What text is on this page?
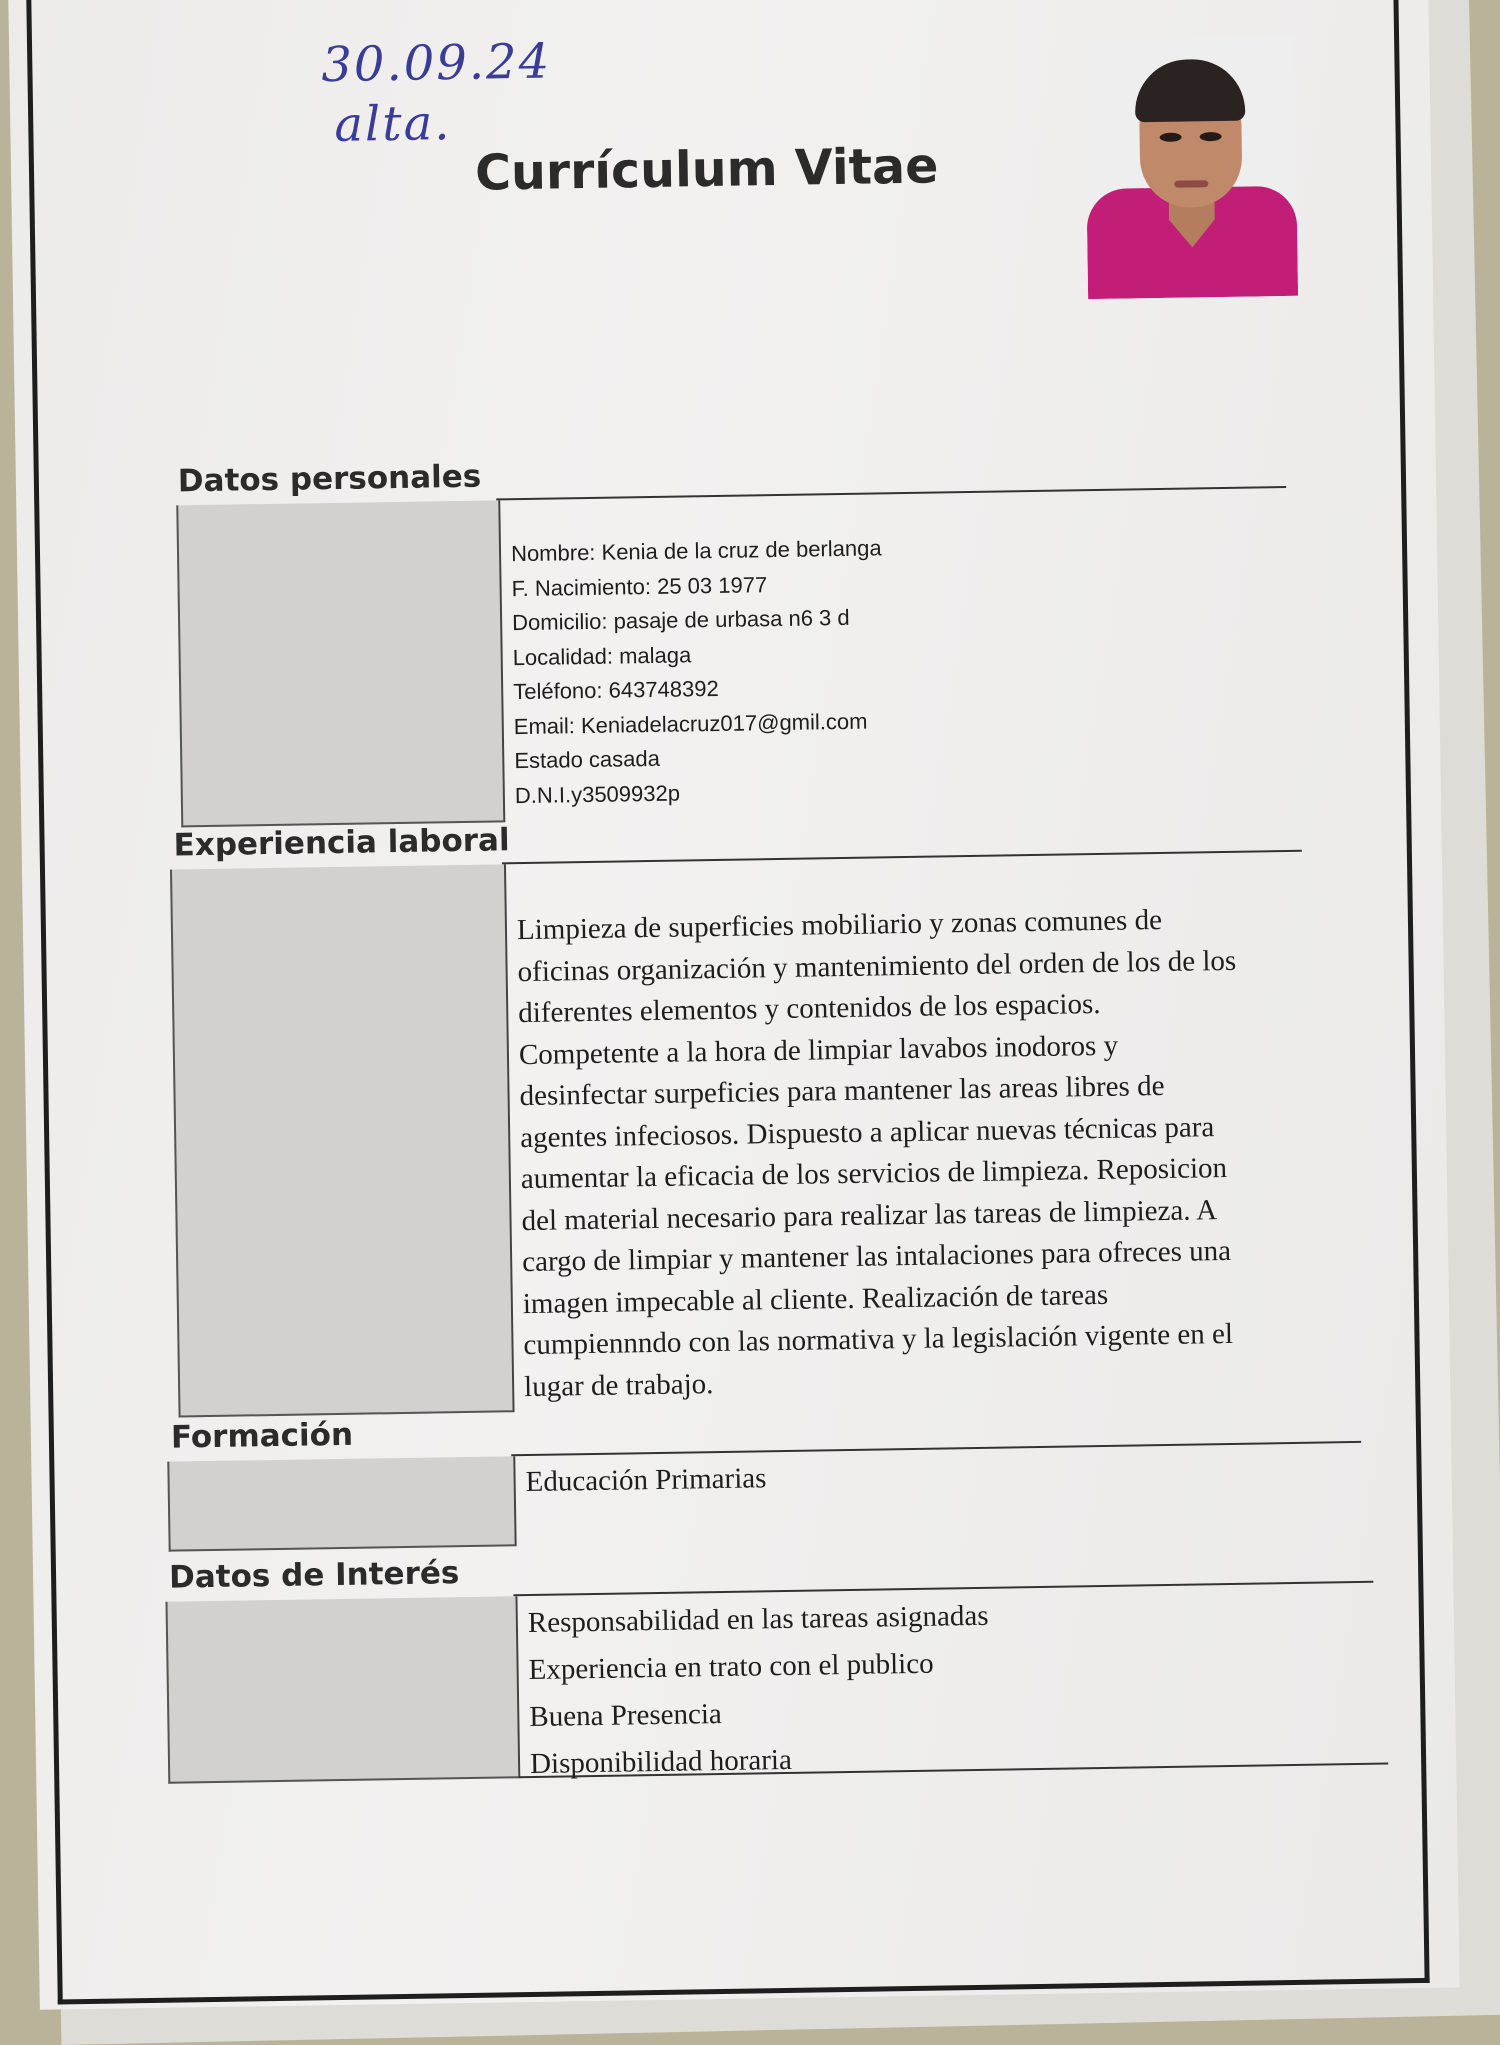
30.09.24
alta.
Currículum Vitae
Datos personales
Nombre: Kenia de la cruz de berlanga
F. Nacimiento: 25 03 1977
Domicilio: pasaje de urbasa n6 3 d
Localidad: malaga
Teléfono: 643748392
Email: Keniadelacruz017@gmil.com
Estado casada
D.N.I.y3509932p
Experiencia laboral
Limpieza de superficies mobiliario y zonas comunes de
oficinas organización y mantenimiento del orden de los de los
diferentes elementos y contenidos de los espacios.
Competente a la hora de limpiar lavabos inodoros y
desinfectar surpeficies para mantener las areas libres de
agentes infeciosos. Dispuesto a aplicar nuevas técnicas para
aumentar la eficacia de los servicios de limpieza. Reposicion
del material necesario para realizar las tareas de limpieza. A
cargo de limpiar y mantener las intalaciones para ofreces una
imagen impecable al cliente. Realización de tareas
cumpiennndo con las normativa y la legislación vigente en el
lugar de trabajo.
Formación
Educación Primarias
Datos de Interés
Responsabilidad en las tareas asignadas
Experiencia en trato con el publico
Buena Presencia
Disponibilidad horaria
